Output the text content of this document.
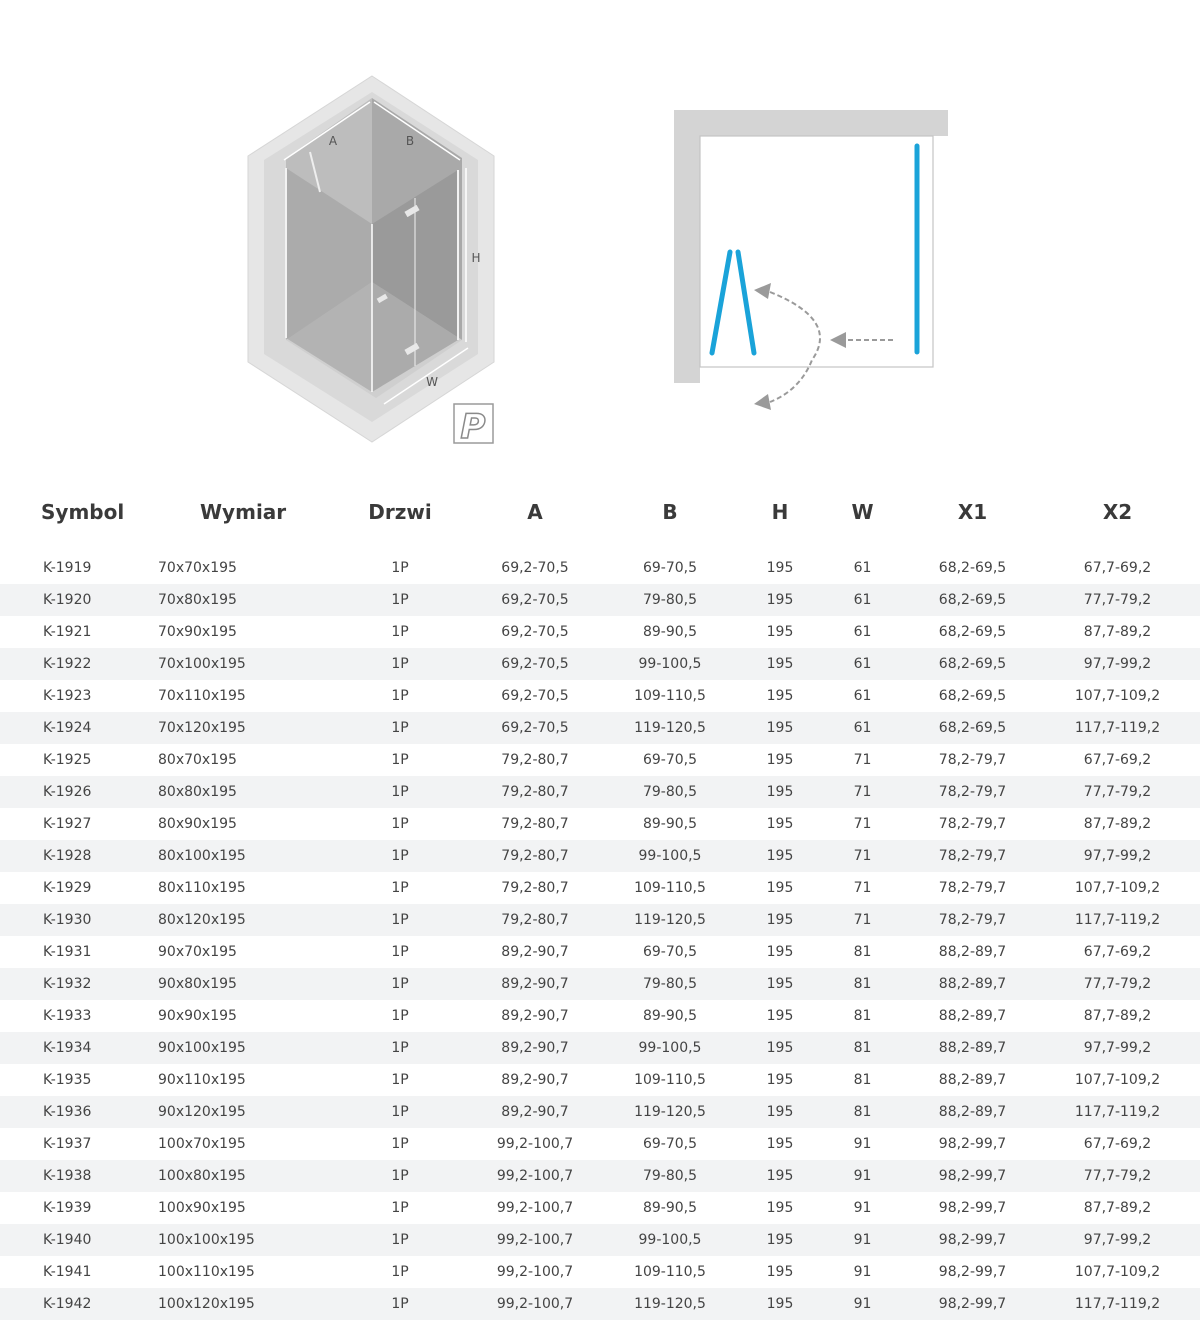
A	B
H
W
P
Symbol	Wymiar	Drzwi	A	B	H	W	X1	X2

K-1919	70x70x195	1P	69,2-70,5	69-70,5	195	61	68,2-69,5	67,7-69,2
K-1920	70x80x195	1P	69,2-70,5	79-80,5	195	61	68,2-69,5	77,7-79,2
K-1921	70x90x195	1P	69,2-70,5	89-90,5	195	61	68,2-69,5	87,7-89,2
K-1922	70x100x195	1P	69,2-70,5	99-100,5	195	61	68,2-69,5	97,7-99,2
K-1923	70x110x195	1P	69,2-70,5	109-110,5	195	61	68,2-69,5	107,7-109,2
K-1924	70x120x195	1P	69,2-70,5	119-120,5	195	61	68,2-69,5	117,7-119,2
K-1925	80x70x195	1P	79,2-80,7	69-70,5	195	71	78,2-79,7	67,7-69,2
K-1926	80x80x195	1P	79,2-80,7	79-80,5	195	71	78,2-79,7	77,7-79,2
K-1927	80x90x195	1P	79,2-80,7	89-90,5	195	71	78,2-79,7	87,7-89,2
K-1928	80x100x195	1P	79,2-80,7	99-100,5	195	71	78,2-79,7	97,7-99,2
K-1929	80x110x195	1P	79,2-80,7	109-110,5	195	71	78,2-79,7	107,7-109,2
K-1930	80x120x195	1P	79,2-80,7	119-120,5	195	71	78,2-79,7	117,7-119,2
K-1931	90x70x195	1P	89,2-90,7	69-70,5	195	81	88,2-89,7	67,7-69,2
K-1932	90x80x195	1P	89,2-90,7	79-80,5	195	81	88,2-89,7	77,7-79,2
K-1933	90x90x195	1P	89,2-90,7	89-90,5	195	81	88,2-89,7	87,7-89,2
K-1934	90x100x195	1P	89,2-90,7	99-100,5	195	81	88,2-89,7	97,7-99,2
K-1935	90x110x195	1P	89,2-90,7	109-110,5	195	81	88,2-89,7	107,7-109,2
K-1936	90x120x195	1P	89,2-90,7	119-120,5	195	81	88,2-89,7	117,7-119,2
K-1937	100x70x195	1P	99,2-100,7	69-70,5	195	91	98,2-99,7	67,7-69,2
K-1938	100x80x195	1P	99,2-100,7	79-80,5	195	91	98,2-99,7	77,7-79,2
K-1939	100x90x195	1P	99,2-100,7	89-90,5	195	91	98,2-99,7	87,7-89,2
K-1940	100x100x195	1P	99,2-100,7	99-100,5	195	91	98,2-99,7	97,7-99,2
K-1941	100x110x195	1P	99,2-100,7	109-110,5	195	91	98,2-99,7	107,7-109,2
K-1942	100x120x195	1P	99,2-100,7	119-120,5	195	91	98,2-99,7	117,7-119,2
